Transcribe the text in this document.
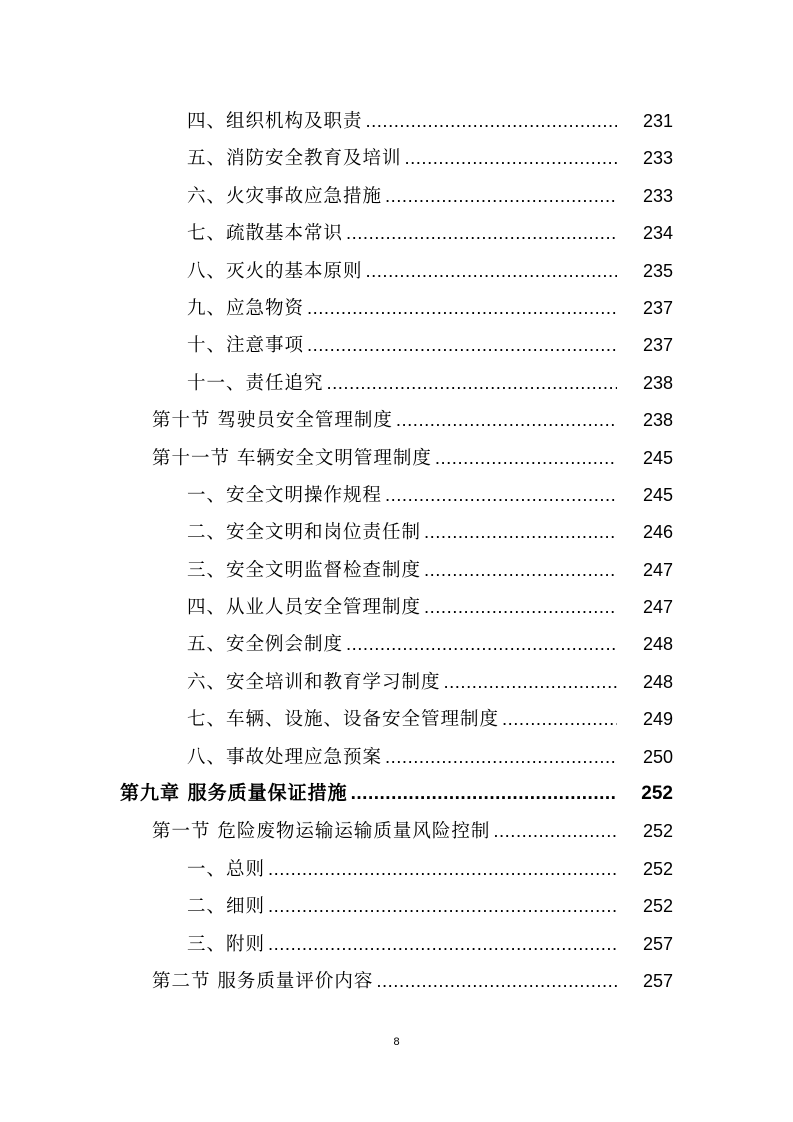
四、组织机构及职责 .....	231
五、消防安全教育及培训 .....	233
六、火灾事故应急措施 .....	233
七、疏散基本常识 .....	234
八、灭火的基本原则 .....	235
九、应急物资 .....	237
十、注意事项 .....	237
十一、责任追究 .....	238
第十节 驾驶员安全管理制度 .....	238
第十一节 车辆安全文明管理制度 .....	245
一、安全文明操作规程 .....	245
二、安全文明和岗位责任制 .....	246
三、安全文明监督检查制度 .....	247
四、从业人员安全管理制度 .....	247
五、安全例会制度 .....	248
六、安全培训和教育学习制度 .....	248
七、车辆、设施、设备安全管理制度 .....	249
八、事故处理应急预案 .....	250
第九章 服务质量保证措施 .....	252
第一节 危险废物运输运输质量风险控制 .....	252
一、总则 .....	252
二、细则 .....	252
三、附则 .....	257
第二节 服务质量评价内容 .....	257
8
